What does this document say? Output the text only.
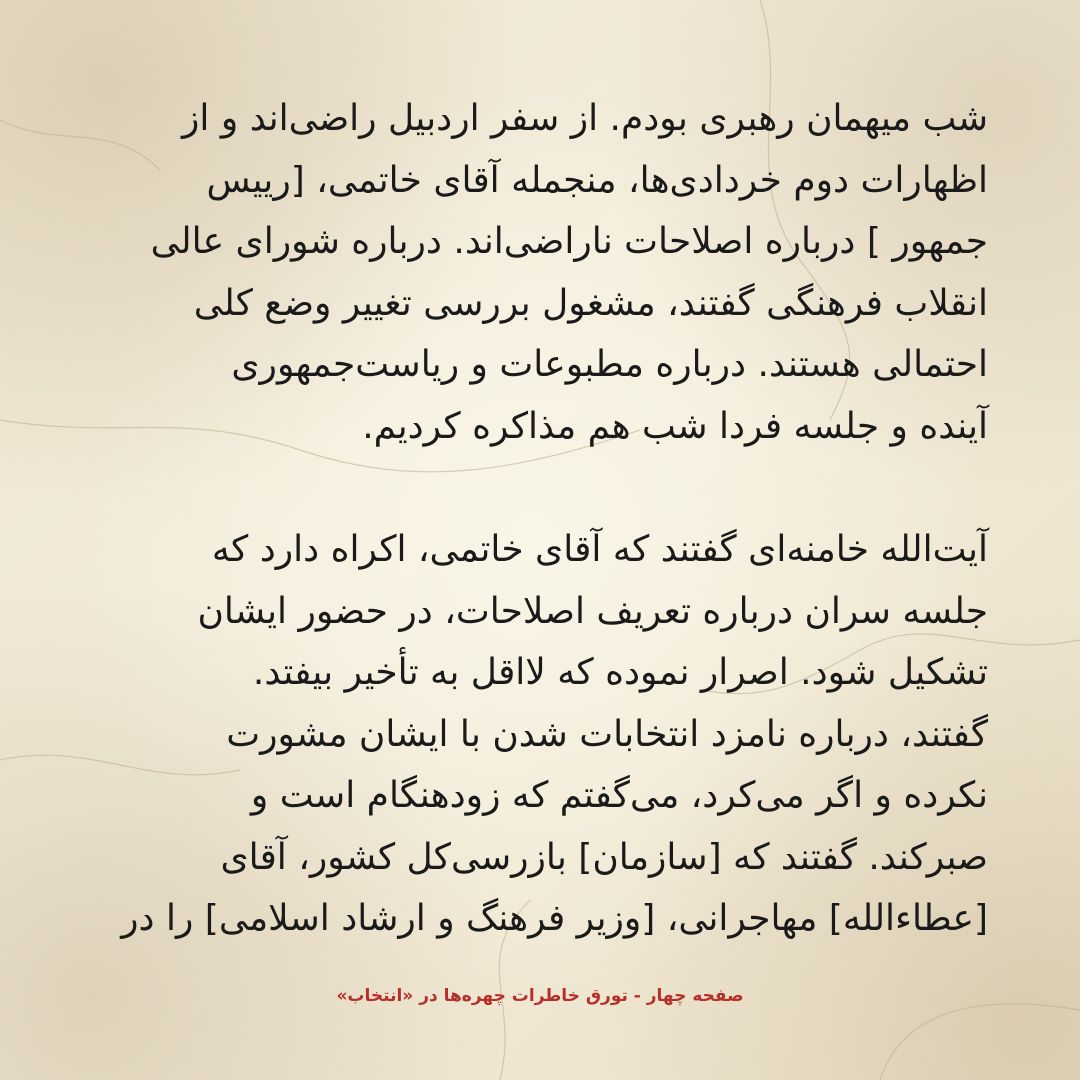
شب میهمان رهبری بودم. از سفر اردبیل راضی‌اند و از
اظهارات دوم خردادی‌ها، منجمله آقای خاتمی، [رییس
جمهور ] درباره اصلاحات ناراضی‌اند. درباره شورای عالی
انقلاب فرهنگی گفتند، مشغول بررسی تغییر وضع کلی
احتمالی هستند. درباره مطبوعات و ریاست‌جمهوری
آینده و جلسه فردا شب هم مذاکره کردیم.

آیت‌الله خامنه‌ای گفتند که آقای خاتمی، اکراه دارد که
جلسه سران درباره تعریف اصلاحات، در حضور ایشان
تشکیل شود. اصرار نموده که لااقل به تأخیر بیفتد.
گفتند، درباره نامزد انتخابات شدن با ایشان مشورت
نکرده و اگر می‌کرد، می‌گفتم که زودهنگام است و
صبرکند. گفتند که [سازمان] بازرسی‌کل کشور، آقای
[عطاءالله] مهاجرانی، [وزیر فرهنگ و ارشاد اسلامی] را در

صفحه چهار - تورق خاطرات چهره‌ها در «انتخاب»
